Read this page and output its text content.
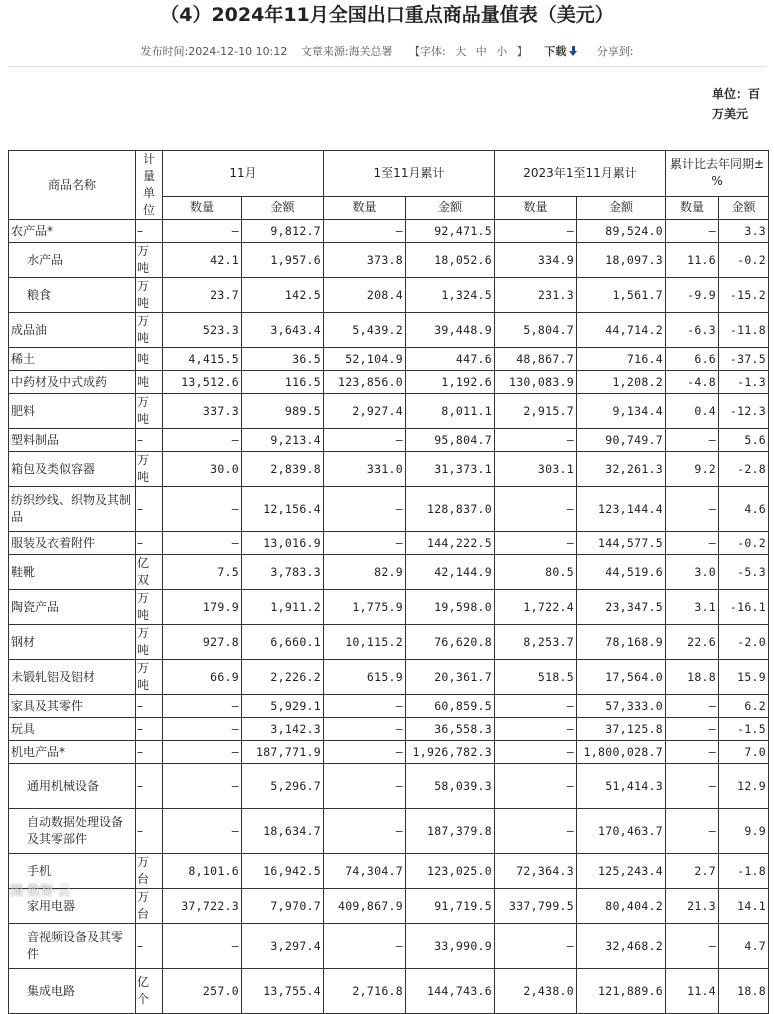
（4）2024年11月全国出口重点商品量值表（美元）
发布时间:2024-12-10 10:12 文章来源:海关总署 【字体: 大 中 小 】 下载	分享到:
单位：百万美元
商品名称	计量单位	11月		1至11月累计		2023年1至11月累计		累计比去年同期±%	
		数量	金额	数量	金额	数量	金额	数量	金额
农产品*	–	–	9,812.7	–	92,471.5	–	89,524.0	–	3.3
水产品	万吨	42.1	1,957.6	373.8	18,052.6	334.9	18,097.3	11.6	-0.2
粮食	万吨	23.7	142.5	208.4	1,324.5	231.3	1,561.7	-9.9	-15.2
成品油	万吨	523.3	3,643.4	5,439.2	39,448.9	5,804.7	44,714.2	-6.3	-11.8
稀土	吨	4,415.5	36.5	52,104.9	447.6	48,867.7	716.4	6.6	-37.5
中药材及中式成药	吨	13,512.6	116.5	123,856.0	1,192.6	130,083.9	1,208.2	-4.8	-1.3
肥料	万吨	337.3	989.5	2,927.4	8,011.1	2,915.7	9,134.4	0.4	-12.3
塑料制品	–	–	9,213.4	–	95,804.7	–	90,749.7	–	5.6
箱包及类似容器	万吨	30.0	2,839.8	331.0	31,373.1	303.1	32,261.3	9.2	-2.8
纺织纱线、织物及其制品	–	–	12,156.4	–	128,837.0	–	123,144.4	–	4.6
服装及衣着附件	–	–	13,016.9	–	144,222.5	–	144,577.5	–	-0.2
鞋靴	亿双	7.5	3,783.3	82.9	42,144.9	80.5	44,519.6	3.0	-5.3
陶瓷产品	万吨	179.9	1,911.2	1,775.9	19,598.0	1,722.4	23,347.5	3.1	-16.1
钢材	万吨	927.8	6,660.1	10,115.2	76,620.8	8,253.7	78,168.9	22.6	-2.0
未锻轧铝及铝材	万吨	66.9	2,226.2	615.9	20,361.7	518.5	17,564.0	18.8	15.9
家具及其零件	–	–	5,929.1	–	60,859.5	–	57,333.0	–	6.2
玩具	–	–	3,142.3	–	36,558.3	–	37,125.8	–	-1.5
机电产品*	–	–	187,771.9	–	1,926,782.3	–	1,800,028.7	–	7.0
通用机械设备	–	–	5,296.7	–	58,039.3	–	51,414.3	–	12.9
自动数据处理设备及其零部件	–	–	18,634.7	–	187,379.8	–	170,463.7	–	9.9
手机	万台	8,101.6	16,942.5	74,304.7	123,025.0	72,364.3	125,243.4	2.7	-1.8
家用电器	万台	37,722.3	7,970.7	409,867.9	91,719.5	337,799.5	80,404.2	21.3	14.1
音视频设备及其零件	–	–	3,297.4	–	33,990.9	–	32,468.2	–	4.7
集成电路	亿个	257.0	13,755.4	2,716.8	144,743.6	2,438.0	121,889.6	11.4	18.8
图·数智·云
